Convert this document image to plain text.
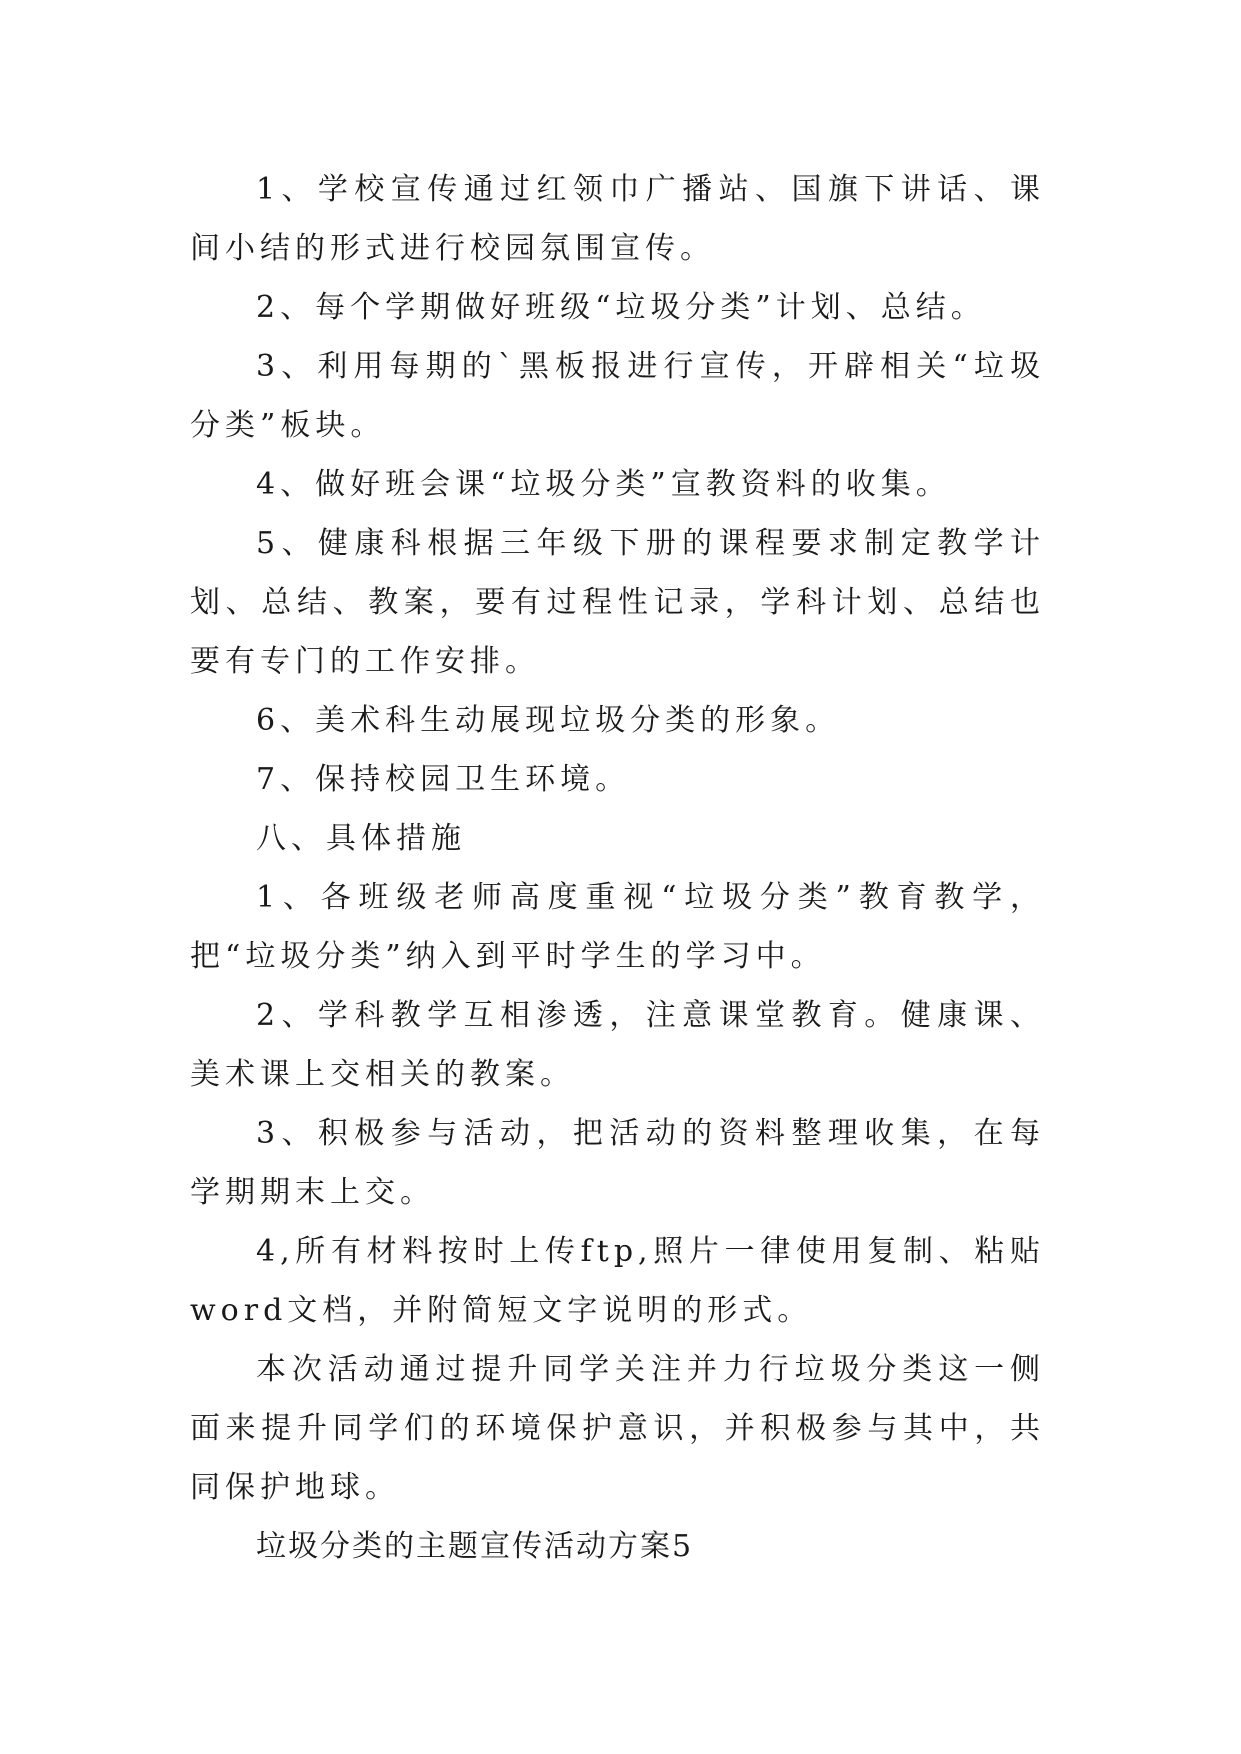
1、学校宣传通过红领巾广播站、国旗下讲话、课间小结的形式进行校园氛围宣传。

2、每个学期做好班级“垃圾分类”计划、总结。

3、利用每期的`黑板报进行宣传，开辟相关“垃圾分类”板块。

4、做好班会课“垃圾分类”宣教资料的收集。

5、健康科根据三年级下册的课程要求制定教学计划、总结、教案，要有过程性记录，学科计划、总结也要有专门的工作安排。

6、美术科生动展现垃圾分类的形象。

7、保持校园卫生环境。

八、具体措施

1、各班级老师高度重视“垃圾分类”教育教学，把“垃圾分类”纳入到平时学生的学习中。

2、学科教学互相渗透，注意课堂教育。健康课、美术课上交相关的教案。

3、积极参与活动，把活动的资料整理收集，在每学期期末上交。

4,所有材料按时上传ftp,照片一律使用复制、粘贴word文档，并附简短文字说明的形式。

本次活动通过提升同学关注并力行垃圾分类这一侧面来提升同学们的环境保护意识，并积极参与其中，共同保护地球。

垃圾分类的主题宣传活动方案5
